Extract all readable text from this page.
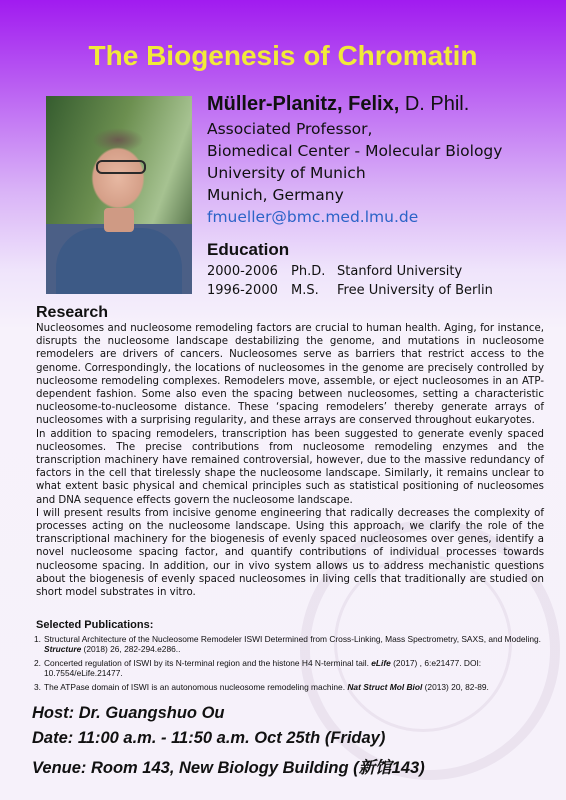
The Biogenesis of Chromatin
Müller-Planitz, Felix, D. Phil.
Associated Professor,
Biomedical Center - Molecular Biology
University of Munich
Munich, Germany
fmueller@bmc.med.lmu.de
Education
2000-2006 Ph.D. Stanford University
1996-2000 M.S. Free University of Berlin
Research

Nucleosomes and nucleosome remodeling factors are crucial to human health. Aging, for instance, disrupts the nucleosome landscape destabilizing the genome, and mutations in nucleosome remodelers are drivers of cancers. Nucleosomes serve as barriers that restrict access to the genome. Correspondingly, the locations of nucleosomes in the genome are precisely controlled by nucleosome remodeling complexes. Remodelers move, assemble, or eject nucleosomes in an ATP-dependent fashion. Some also even the spacing between nucleosomes, setting a characteristic nucleosome-to-nucleosome distance. These ‘spacing remodelers’ thereby generate arrays of nucleosomes with a surprising regularity, and these arrays are conserved throughout eukaryotes.

In addition to spacing remodelers, transcription has been suggested to generate evenly spaced nucleosomes. The precise contributions from nucleosome remodeling enzymes and the transcription machinery have remained controversial, however, due to the massive redundancy of factors in the cell that tirelessly shape the nucleosome landscape. Similarly, it remains unclear to what extent basic physical and chemical principles such as statistical positioning of nucleosomes and DNA sequence effects govern the nucleosome landscape.

I will present results from incisive genome engineering that radically decreases the complexity of processes acting on the nucleosome landscape. Using this approach, we clarify the role of the transcriptional machinery for the biogenesis of evenly spaced nucleosomes over genes, identify a novel nucleosome spacing factor, and quantify contributions of individual processes towards nucleosome spacing. In addition, our in vivo system allows us to address mechanistic questions about the biogenesis of evenly spaced nucleosomes in living cells that traditionally are studied on short model substrates in vitro.

Selected Publications:
1. Structural Architecture of the Nucleosome Remodeler ISWI Determined from Cross-Linking, Mass Spectrometry, SAXS, and Modeling. Structure (2018) 26, 282-294.e286..
2. Concerted regulation of ISWI by its N-terminal region and the histone H4 N-terminal tail. eLife (2017) , 6:e21477. DOI: 10.7554/eLife.21477.
3. The ATPase domain of ISWI is an autonomous nucleosome remodeling machine. Nat Struct Mol Biol (2013) 20, 82-89.
Host: Dr. Guangshuo Ou
Date: 11:00 a.m. - 11:50 a.m. Oct 25th (Friday)
Venue: Room 143, New Biology Building (新馆143)
